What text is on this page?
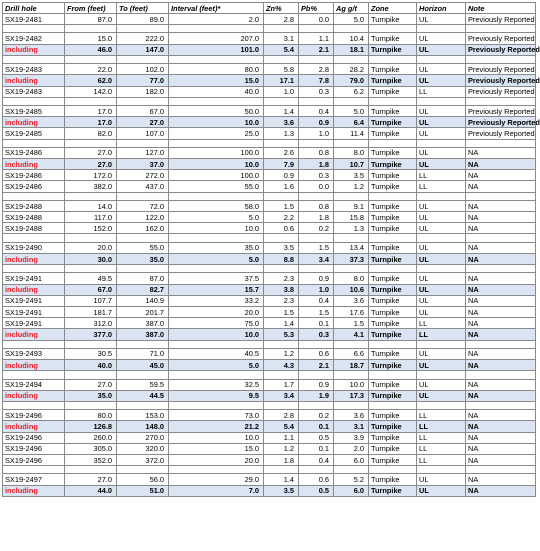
Drill hole	From (feet)	To (feet)	Interval (feet)*	Zn%	Pb%	Ag g/t	Zone	Horizon	Note
SX19-2481	87.0	89.0	2.0	2.8	0.0	5.0	Turnpike	UL	Previously Reported

SX19-2482	15.0	222.0	207.0	3.1	1.1	10.4	Turnpike	UL	Previously Reported
including	46.0	147.0	101.0	5.4	2.1	18.1	Turnpike	UL	Previously Reported

SX19-2483	22.0	102.0	80.0	5.8	2.8	28.2	Turnpike	UL	Previously Reported
including	62.0	77.0	15.0	17.1	7.8	79.0	Turnpike	UL	Previously Reported
SX19-2483	142.0	182.0	40.0	1.0	0.3	6.2	Turnpike	LL	Previously Reported

SX19-2485	17.0	67.0	50.0	1.4	0.4	5.0	Turnpike	UL	Previously Reported
including	17.0	27.0	10.0	3.6	0.9	6.4	Turnpike	UL	Previously Reported
SX19-2485	82.0	107.0	25.0	1.3	1.0	11.4	Turnpike	UL	Previously Reported

SX19-2486	27.0	127.0	100.0	2.6	0.8	8.0	Turnpike	UL	NA
including	27.0	37.0	10.0	7.9	1.8	10.7	Turnpike	UL	NA
SX19-2486	172.0	272.0	100.0	0.9	0.3	3.5	Turnpike	LL	NA
SX19-2486	382.0	437.0	55.0	1.6	0.0	1.2	Turnpike	LL	NA

SX19-2488	14.0	72.0	58.0	1.5	0.8	9.1	Turnpike	UL	NA
SX19-2488	117.0	122.0	5.0	2.2	1.8	15.8	Turnpike	UL	NA
SX19-2488	152.0	162.0	10.0	0.6	0.2	1.3	Turnpike	UL	NA

SX19-2490	20.0	55.0	35.0	3.5	1.5	13.4	Turnpike	UL	NA
including	30.0	35.0	5.0	8.8	3.4	37.3	Turnpike	UL	NA

SX19-2491	49.5	87.0	37.5	2.3	0.9	8.0	Turnpike	UL	NA
including	67.0	82.7	15.7	3.8	1.0	10.6	Turnpike	UL	NA
SX19-2491	107.7	140.9	33.2	2.3	0.4	3.6	Turnpike	UL	NA
SX19-2491	181.7	201.7	20.0	1.5	1.5	17.6	Turnpike	UL	NA
SX19-2491	312.0	387.0	75.0	1.4	0.1	1.5	Turnpike	LL	NA
including	377.0	387.0	10.0	5.3	0.3	4.1	Turnpike	LL	NA

SX19-2493	30.5	71.0	40.5	1.2	0.6	6.6	Turnpike	UL	NA
including	40.0	45.0	5.0	4.3	2.1	18.7	Turnpike	UL	NA

SX19-2494	27.0	59.5	32.5	1.7	0.9	10.0	Turnpike	UL	NA
including	35.0	44.5	9.5	3.4	1.9	17.3	Turnpike	UL	NA

SX19-2496	80.0	153.0	73.0	2.8	0.2	3.6	Turnpike	LL	NA
including	126.8	148.0	21.2	5.4	0.1	3.1	Turnpike	LL	NA
SX19-2496	260.0	270.0	10.0	1.1	0.5	3.9	Turnpike	LL	NA
SX19-2496	305.0	320.0	15.0	1.2	0.1	2.0	Turnpike	LL	NA
SX19-2496	352.0	372.0	20.0	1.8	0.4	6.0	Turnpike	LL	NA

SX19-2497	27.0	56.0	29.0	1.4	0.6	5.2	Turnpike	UL	NA
including	44.0	51.0	7.0	3.5	0.5	6.0	Turnpike	UL	NA
